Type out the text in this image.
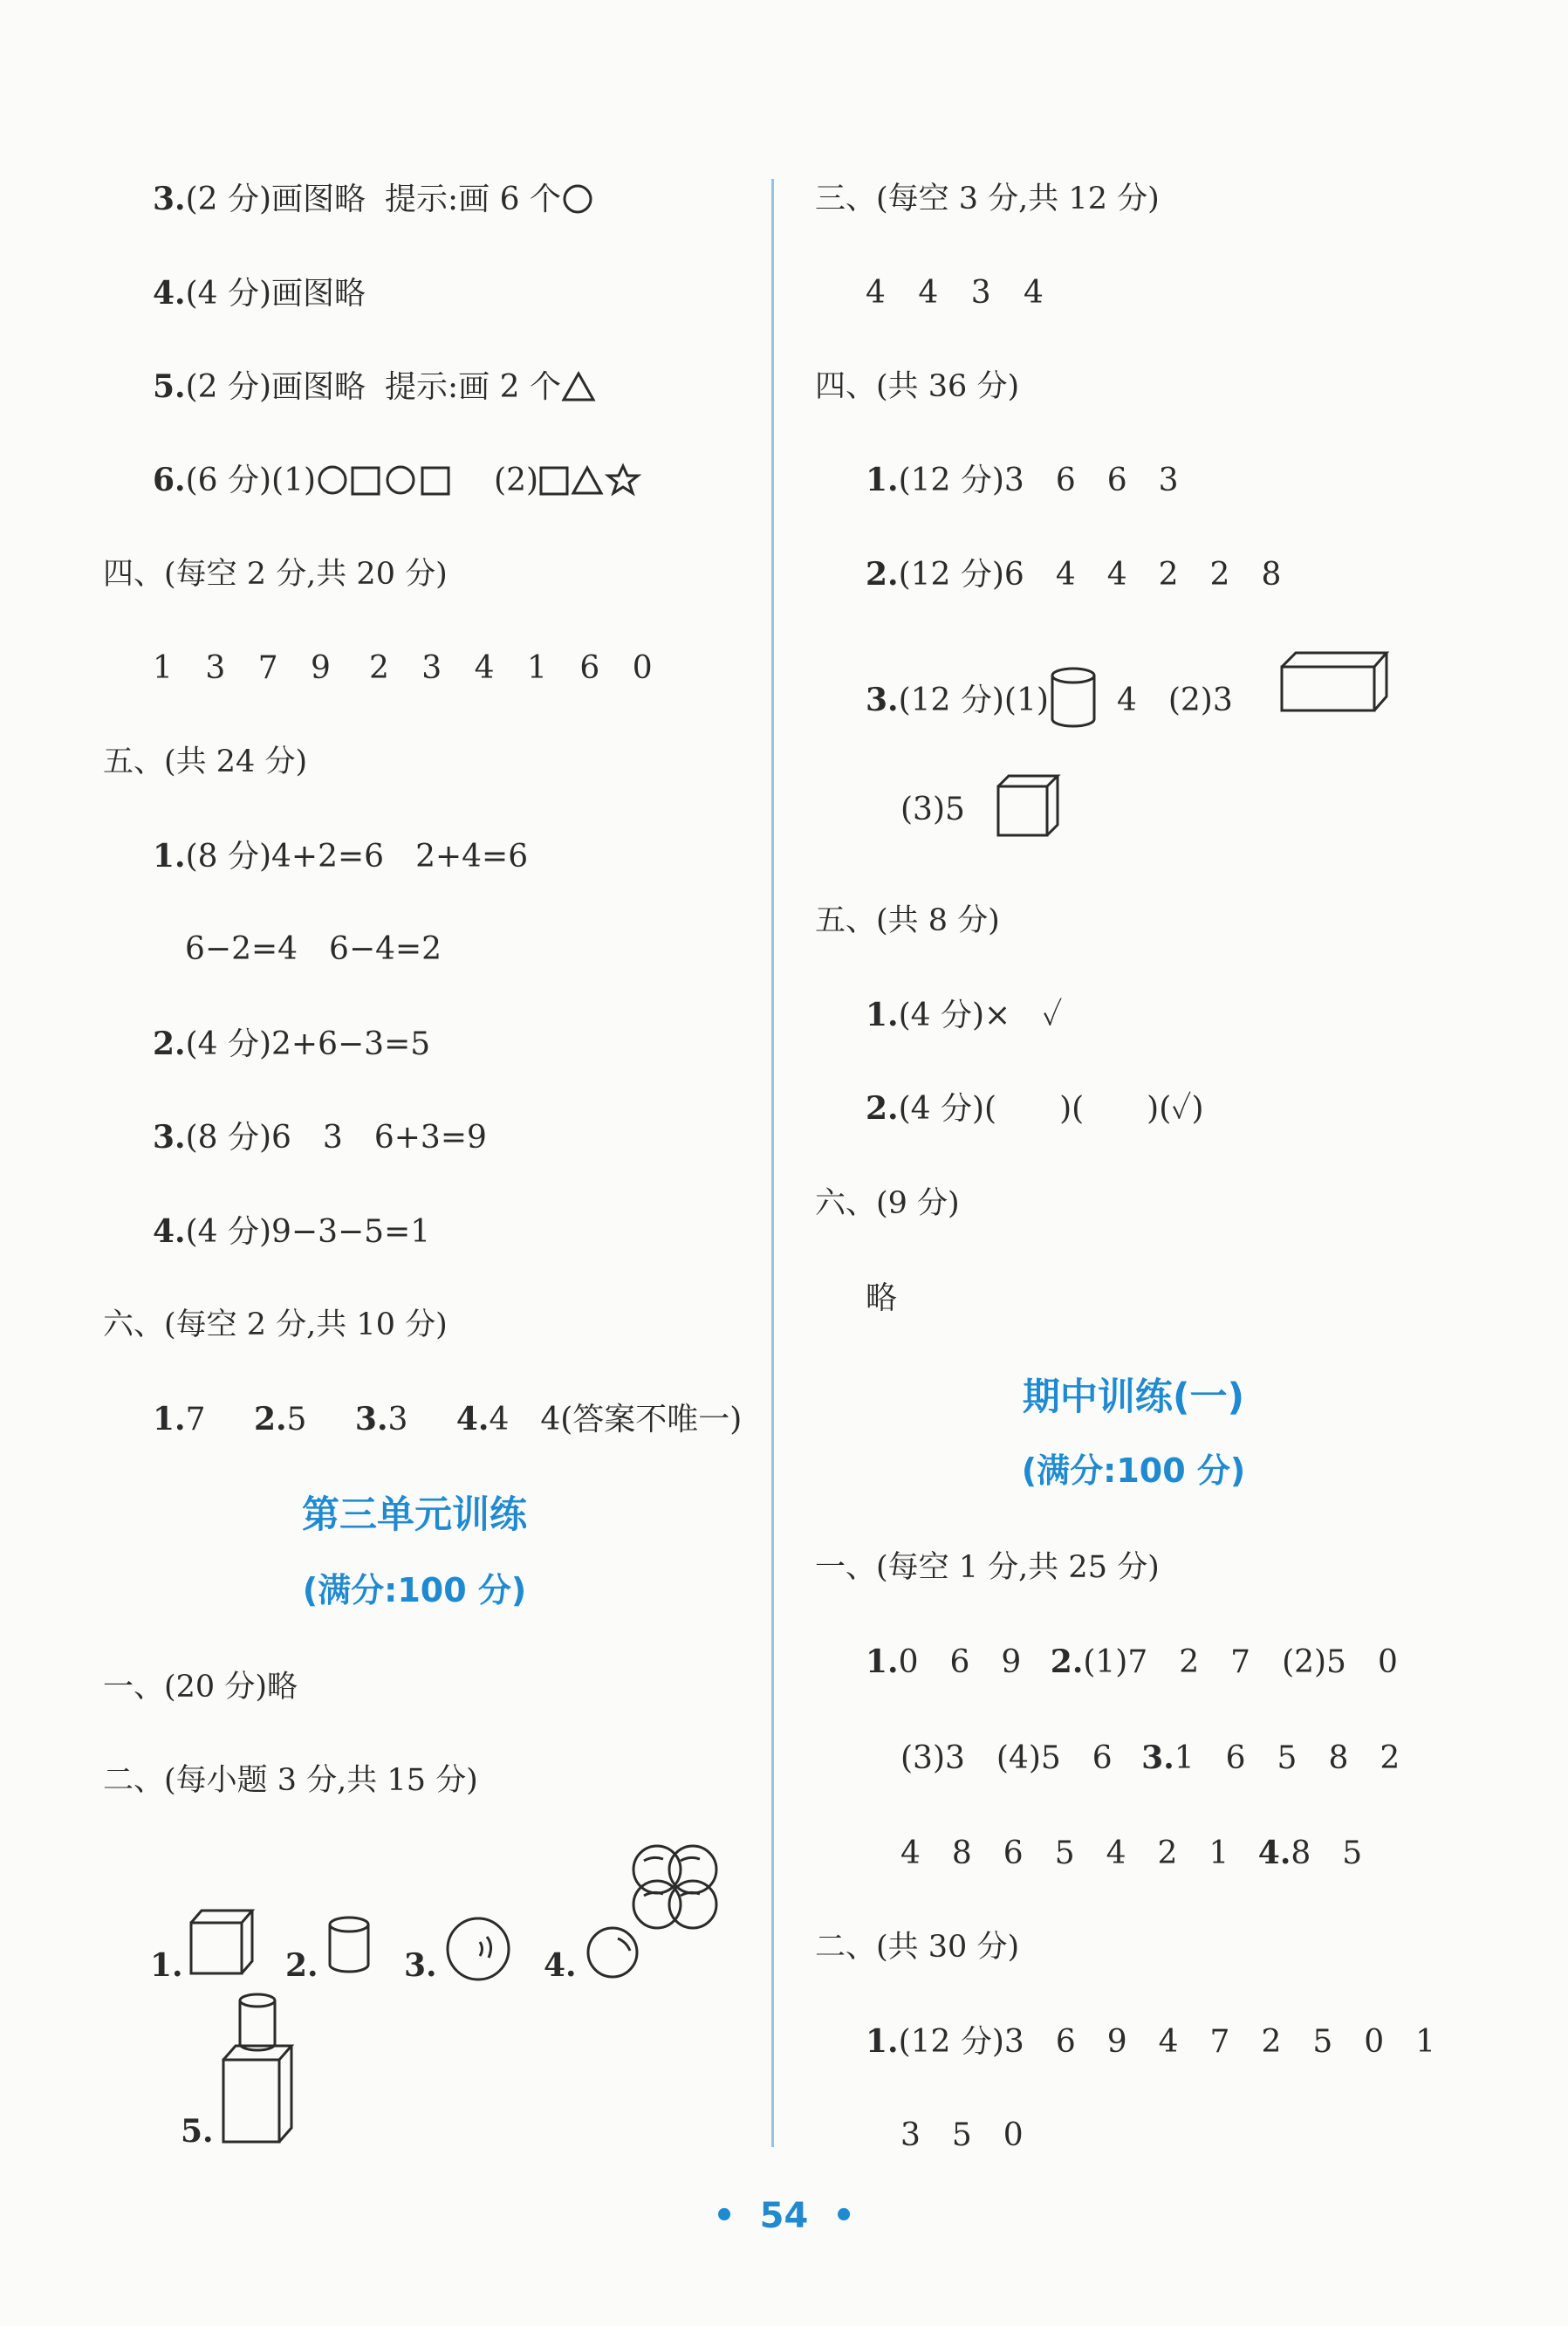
3.(2 分)画图略 提示:画 6 个
4.(4 分)画图略
5.(2 分)画图略 提示:画 2 个
6.(6 分)(1)	(2)
四、(每空 2 分,共 20 分)
1 3 7 9 2 3 4 1 6 0
五、(共 24 分)
1.(8 分)4+2=6　2+4=6
6−2=4　6−4=2
2.(4 分)2+6−3=5
3.(8 分)6　3　6+3=9
4.(4 分)9−3−5=1
六、(每空 2 分,共 10 分)
1.7 2.5 3.3 4.4　4(答案不唯一)
第三单元训练
(满分:100 分)
一、(20 分)略
二、(每小题 3 分,共 15 分)
1.	2.	3.	4.
5.
三、(每空 3 分,共 12 分)
4 4 3 4
四、(共 36 分)
1.(12 分)3　6　6　3
2.(12 分)6　4　4　2　2　8
3.(12 分)(1) 4　(2)3
(3)5
五、(共 8 分)
1.(4 分)×　✓
2.(4 分)(　　)(　　)(✓)
六、(9 分)
略
期中训练(一)
(满分:100 分)
一、(每空 1 分,共 25 分)
1.0　6　9 2.(1)7　2　7　(2)5　0
(3)3　(4)5　6 3.1　6　5　8　2
4　8　6　5　4　2　1 4.8　5
二、(共 30 分)
1.(12 分)3　6　9　4　7　2　5　0　1
3　5　0
• 54 •
